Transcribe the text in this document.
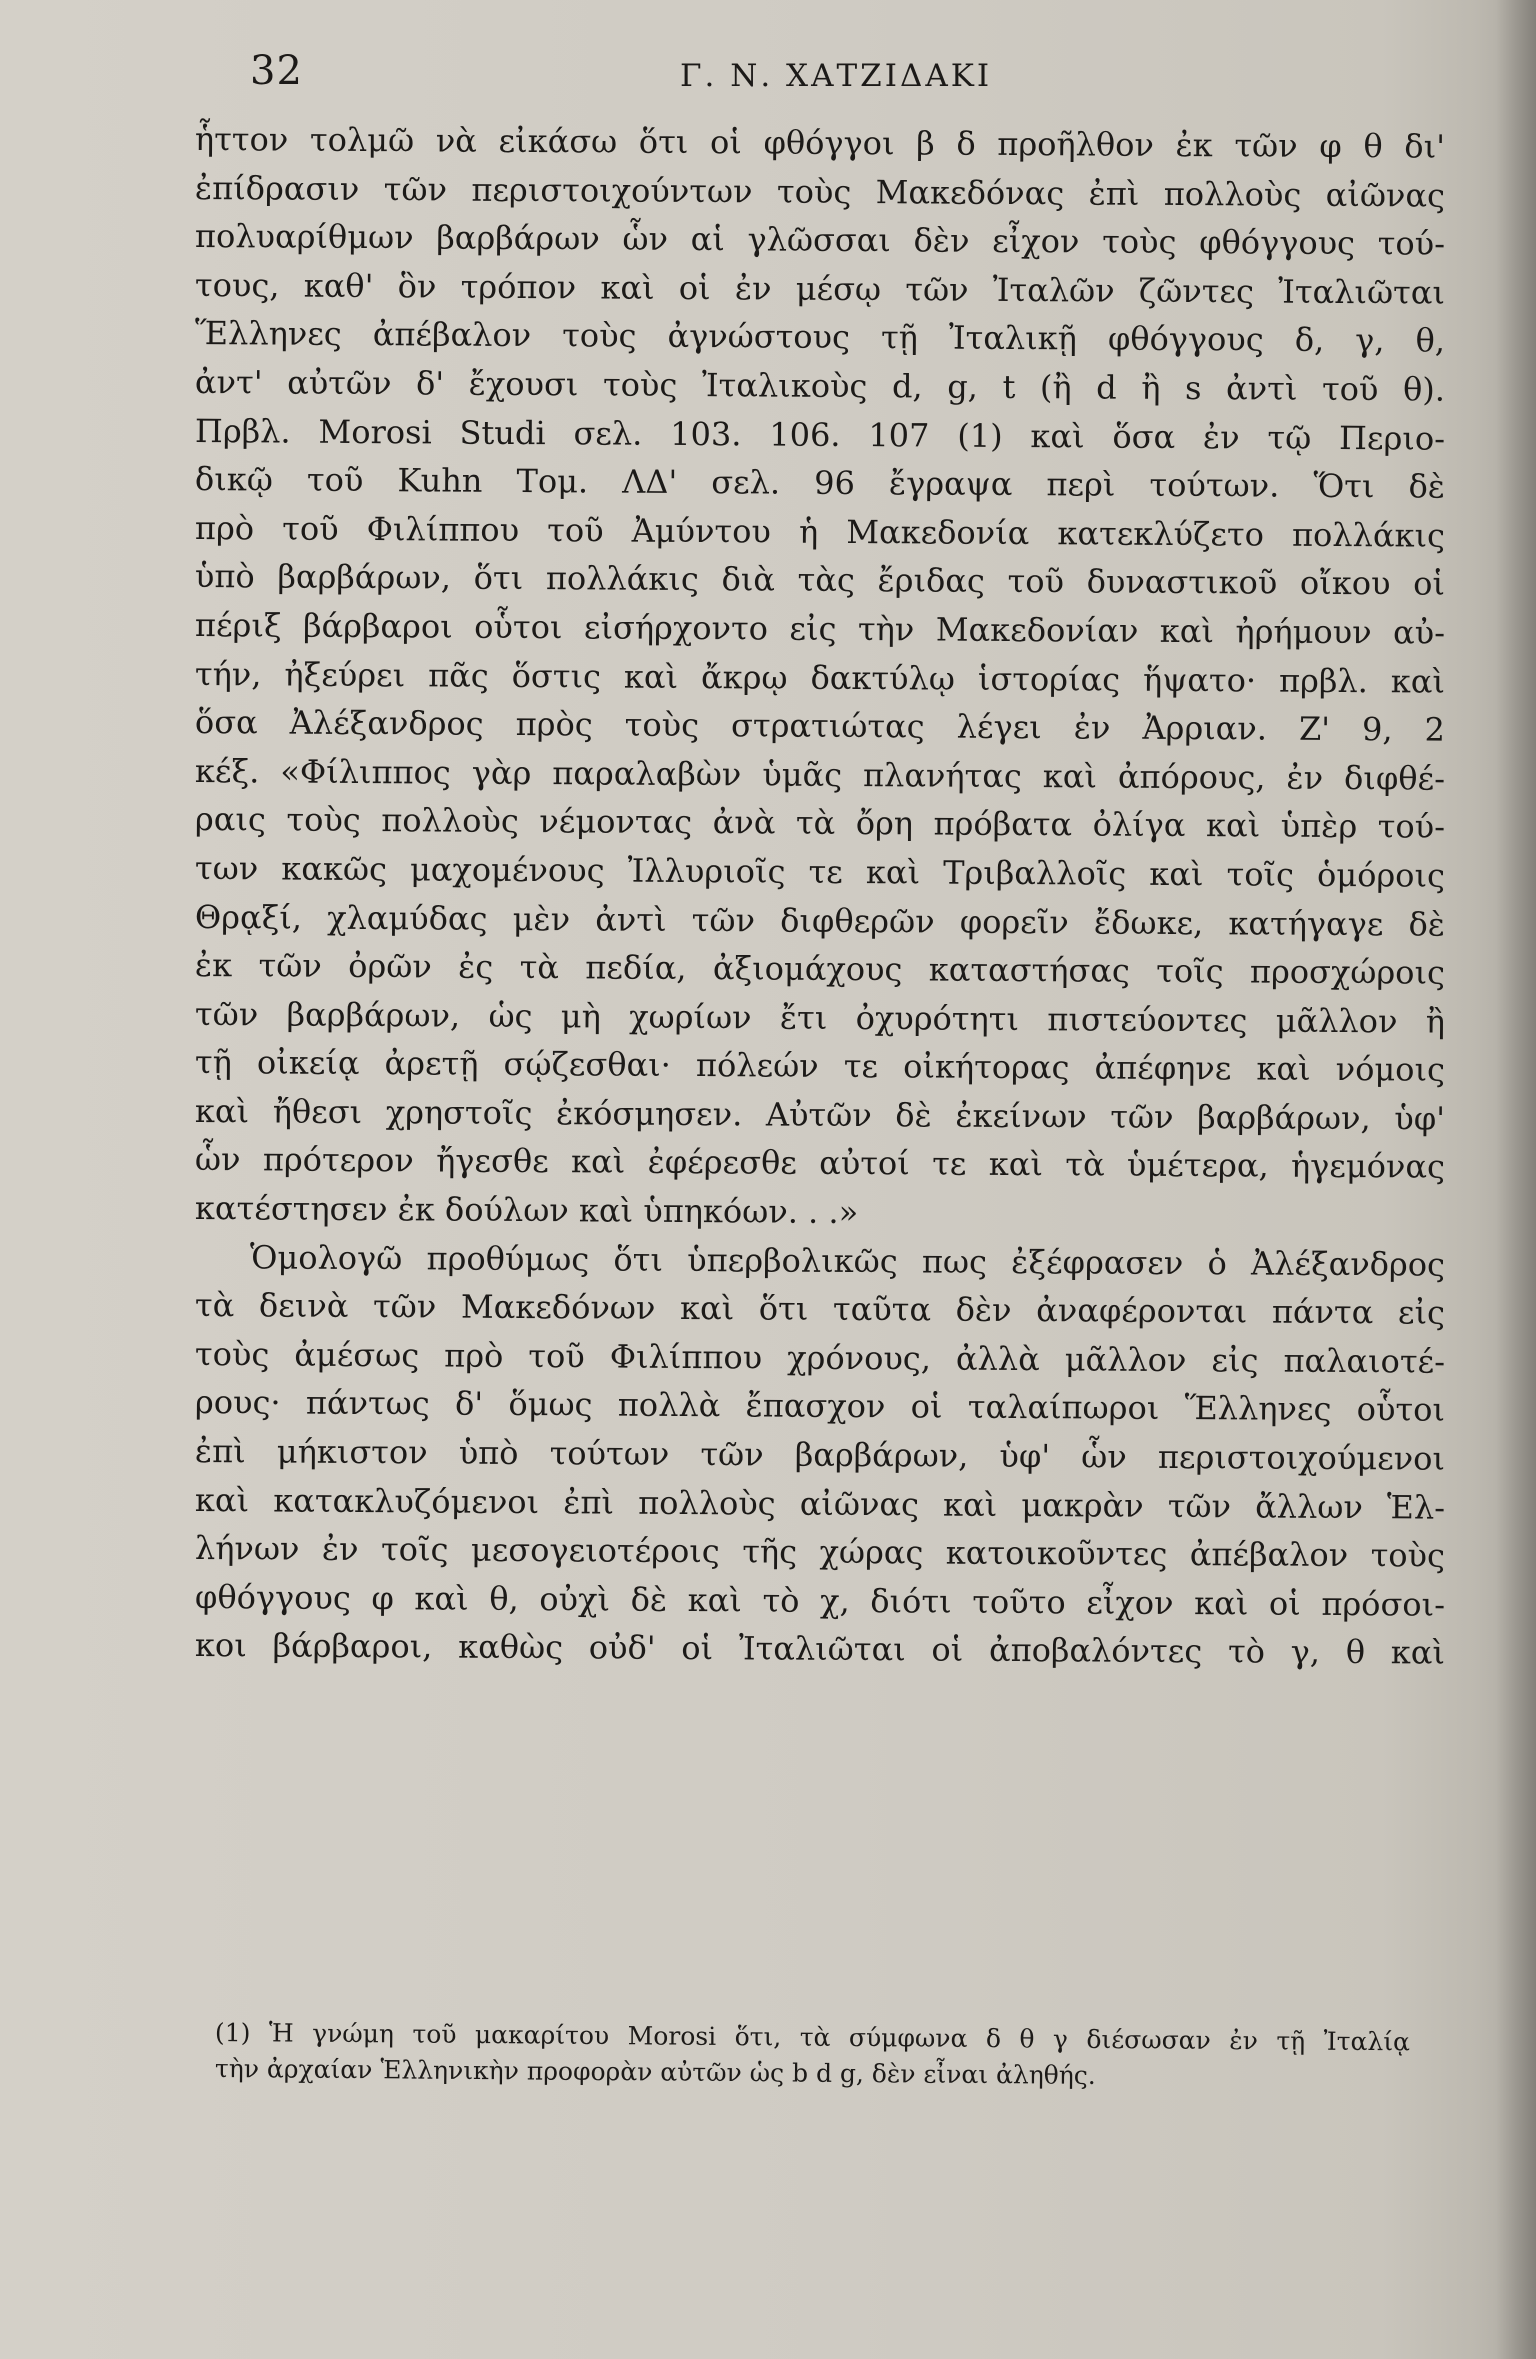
32	Γ. Ν. ΧΑΤΖΙΔΑΚΙ
ἧττον τολμῶ νὰ εἰκάσω ὅτι οἱ φθόγγοι β δ προῆλθον ἐκ τῶν φ θ δι'
ἐπίδρασιν τῶν περιστοιχούντων τοὺς Μακεδόνας ἐπὶ πολλοὺς αἰῶνας
πολυαρίθμων βαρβάρων ὧν αἱ γλῶσσαι δὲν εἶχον τοὺς φθόγγους τού-
τους, καθ' ὃν τρόπον καὶ οἱ ἐν μέσῳ τῶν Ἰταλῶν ζῶντες Ἰταλιῶται
Ἕλληνες ἀπέβαλον τοὺς ἀγνώστους τῇ Ἰταλικῇ φθόγγους δ, γ, θ,
ἀντ' αὐτῶν δ' ἔχουσι τοὺς Ἰταλικοὺς d, g, t (ἢ d ἢ s ἀντὶ τοῦ θ).
Πρβλ. Morosi Studi σελ. 103. 106. 107 (1) καὶ ὅσα ἐν τῷ Περιο-
δικῷ τοῦ Kuhn Τομ. ΛΔ' σελ. 96 ἔγραψα περὶ τούτων. Ὅτι δὲ
πρὸ τοῦ Φιλίππου τοῦ Ἀμύντου ἡ Μακεδονία κατεκλύζετο πολλάκις
ὑπὸ βαρβάρων, ὅτι πολλάκις διὰ τὰς ἔριδας τοῦ δυναστικοῦ οἴκου οἱ
πέριξ βάρβαροι οὗτοι εἰσήρχοντο εἰς τὴν Μακεδονίαν καὶ ἠρήμουν αὐ-
τήν, ἠξεύρει πᾶς ὅστις καὶ ἄκρῳ δακτύλῳ ἱστορίας ἥψατο· πρβλ. καὶ
ὅσα Ἀλέξανδρος πρὸς τοὺς στρατιώτας λέγει ἐν Ἀρριαν. Ζ' 9, 2
κέξ. «Φίλιππος γὰρ παραλαβὼν ὑμᾶς πλανήτας καὶ ἀπόρους, ἐν διφθέ-
ραις τοὺς πολλοὺς νέμοντας ἀνὰ τὰ ὄρη πρόβατα ὀλίγα καὶ ὑπὲρ τού-
των κακῶς μαχομένους Ἰλλυριοῖς τε καὶ Τριβαλλοῖς καὶ τοῖς ὁμόροις
Θρᾳξί, χλαμύδας μὲν ἀντὶ τῶν διφθερῶν φορεῖν ἔδωκε, κατήγαγε δὲ
ἐκ τῶν ὀρῶν ἐς τὰ πεδία, ἀξιομάχους καταστήσας τοῖς προσχώροις
τῶν βαρβάρων, ὡς μὴ χωρίων ἔτι ὀχυρότητι πιστεύοντες μᾶλλον ἢ
τῇ οἰκείᾳ ἀρετῇ σῴζεσθαι· πόλεών τε οἰκήτορας ἀπέφηνε καὶ νόμοις
καὶ ἤθεσι χρηστοῖς ἐκόσμησεν. Αὐτῶν δὲ ἐκείνων τῶν βαρβάρων, ὑφ'
ὧν πρότερον ἤγεσθε καὶ ἐφέρεσθε αὐτοί τε καὶ τὰ ὑμέτερα, ἡγεμόνας
κατέστησεν ἐκ δούλων καὶ ὑπηκόων. . .»
Ὁμολογῶ προθύμως ὅτι ὑπερβολικῶς πως ἐξέφρασεν ὁ Ἀλέξανδρος
τὰ δεινὰ τῶν Μακεδόνων καὶ ὅτι ταῦτα δὲν ἀναφέρονται πάντα εἰς
τοὺς ἀμέσως πρὸ τοῦ Φιλίππου χρόνους, ἀλλὰ μᾶλλον εἰς παλαιοτέ-
ρους· πάντως δ' ὅμως πολλὰ ἔπασχον οἱ ταλαίπωροι Ἕλληνες οὗτοι
ἐπὶ μήκιστον ὑπὸ τούτων τῶν βαρβάρων, ὑφ' ὧν περιστοιχούμενοι
καὶ κατακλυζόμενοι ἐπὶ πολλοὺς αἰῶνας καὶ μακρὰν τῶν ἄλλων Ἑλ-
λήνων ἐν τοῖς μεσογειοτέροις τῆς χώρας κατοικοῦντες ἀπέβαλον τοὺς
φθόγγους φ καὶ θ, οὐχὶ δὲ καὶ τὸ χ, διότι τοῦτο εἶχον καὶ οἱ πρόσοι-
κοι βάρβαροι, καθὼς οὐδ' οἱ Ἰταλιῶται οἱ ἀποβαλόντες τὸ γ, θ καὶ
(1) Ἡ γνώμη τοῦ μακαρίτου Morosi ὅτι, τὰ σύμφωνα δ θ γ διέσωσαν ἐν τῇ Ἰταλίᾳ
τὴν ἀρχαίαν Ἑλληνικὴν προφορὰν αὐτῶν ὡς b d g, δὲν εἶναι ἀληθής.
